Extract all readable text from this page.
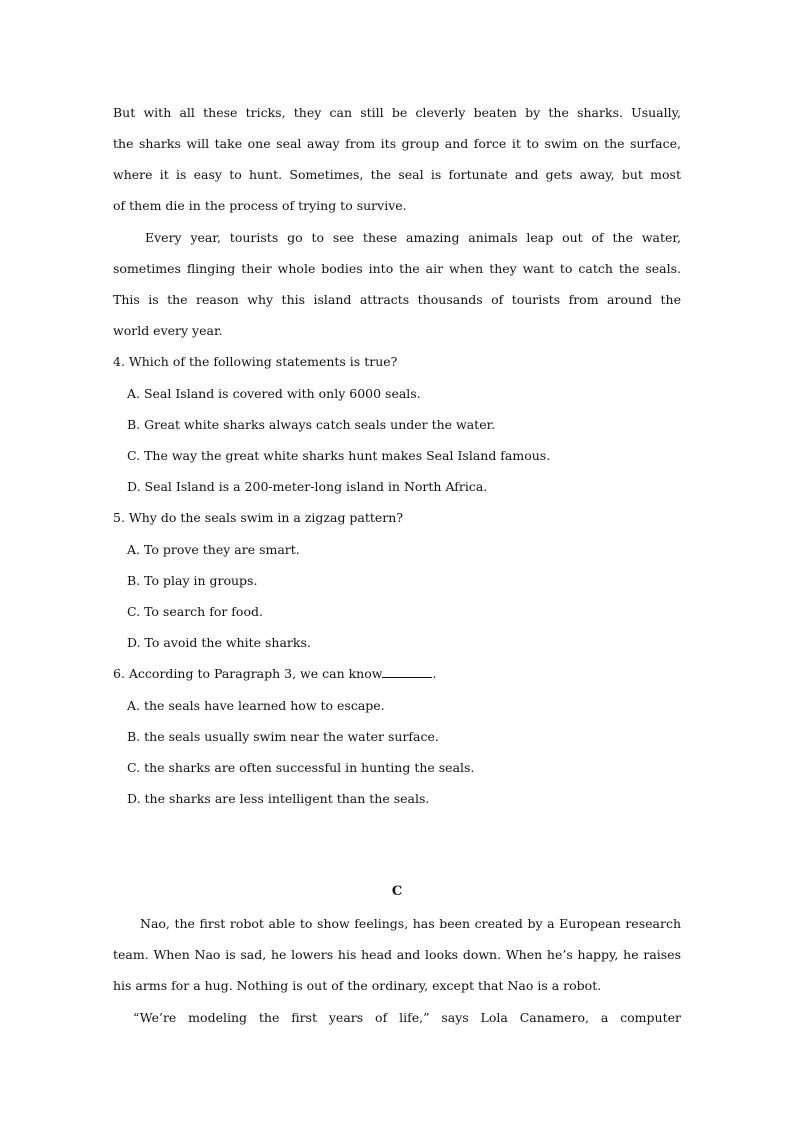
But with all these tricks, they can still be cleverly beaten by the sharks. Usually,
the sharks will take one seal away from its group and force it to swim on the surface,
where it is easy to hunt. Sometimes, the seal is fortunate and gets away, but most
of them die in the process of trying to survive.
Every year, tourists go to see these amazing animals leap out of the water,
sometimes flinging their whole bodies into the air when they want to catch the seals.
This is the reason why this island attracts thousands of tourists from around the
world every year.
4. Which of the following statements is true?
A. Seal Island is covered with only 6000 seals.
B. Great white sharks always catch seals under the water.
C. The way the great white sharks hunt makes Seal Island famous.
D. Seal Island is a 200-meter-long island in North Africa.
5. Why do the seals swim in a zigzag pattern?
A. To prove they are smart.
B. To play in groups.
C. To search for food.
D. To avoid the white sharks.
6. According to Paragraph 3, we can know	.
A. the seals have learned how to escape.
B. the seals usually swim near the water surface.
C. the sharks are often successful in hunting the seals.
D. the sharks are less intelligent than the seals.
C
Nao, the first robot able to show feelings, has been created by a European research
team. When Nao is sad, he lowers his head and looks down. When he’s happy, he raises
his arms for a hug. Nothing is out of the ordinary, except that Nao is a robot.
“We’re modeling the first years of life,” says Lola Canamero, a computer
